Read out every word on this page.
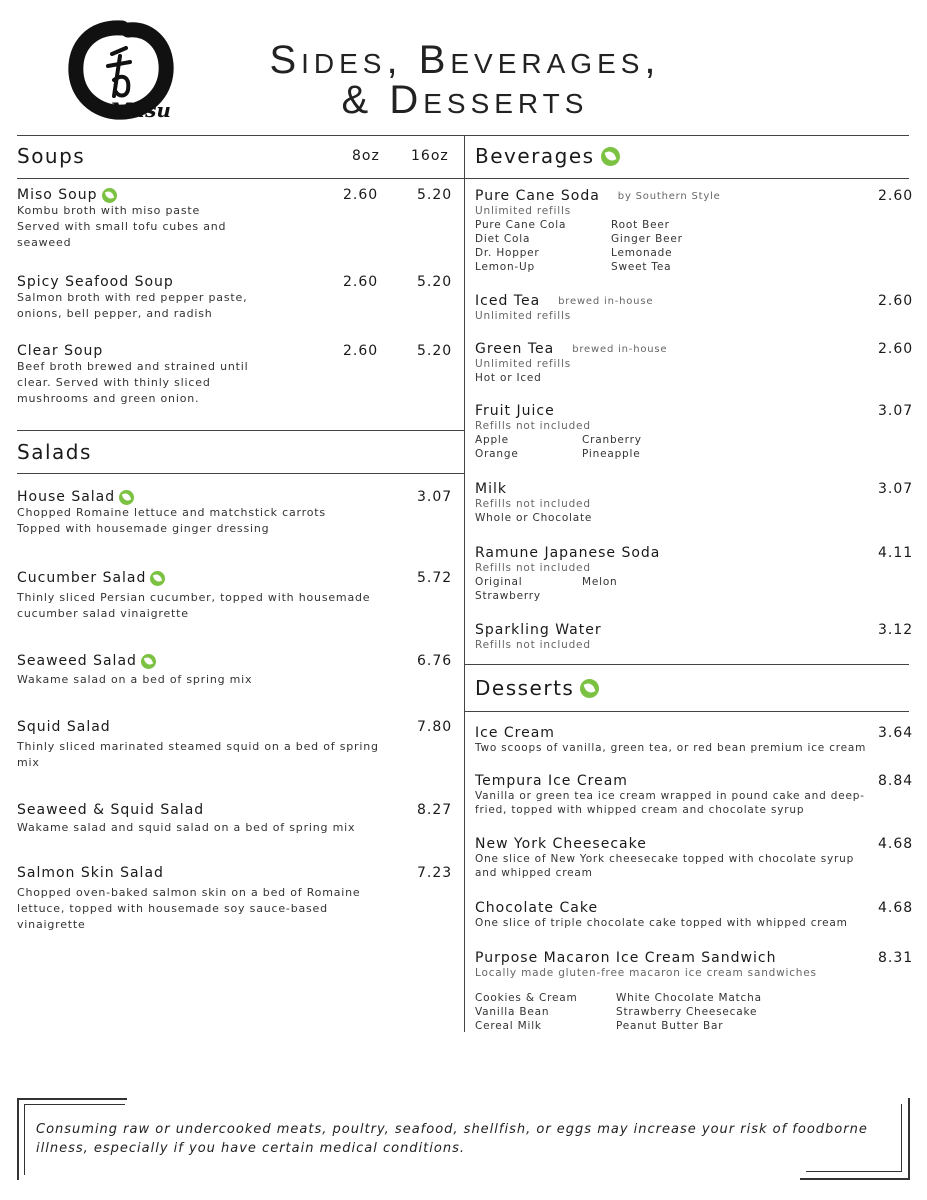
Masu
Sides, Beverages,
& Desserts
Soups	8oz 16oz
Miso Soup
Kombu broth with miso paste
Served with small tofu cubes and
seaweed
2.60	5.20
Spicy Seafood Soup
Salmon broth with red pepper paste,
onions, bell pepper, and radish
2.60	5.20
Clear Soup
Beef broth brewed and strained until
clear. Served with thinly sliced
mushrooms and green onion.
2.60	5.20
Salads
House Salad
Chopped Romaine lettuce and matchstick carrots
Topped with housemade ginger dressing
3.07
Cucumber Salad
Thinly sliced Persian cucumber, topped with housemade
cucumber salad vinaigrette
5.72
Seaweed Salad
Wakame salad on a bed of spring mix
6.76
Squid Salad
Thinly sliced marinated steamed squid on a bed of spring
mix
7.80
Seaweed & Squid Salad
Wakame salad and squid salad on a bed of spring mix
8.27
Salmon Skin Salad
Chopped oven-baked salmon skin on a bed of Romaine
lettuce, topped with housemade soy sauce-based
vinaigrette
7.23
Beverages
Pure Cane Soda by Southern Style
Unlimited refills
Pure Cane Cola
Diet Cola
Dr. Hopper
Lemon-Up
Root Beer
Ginger Beer
Lemonade
Sweet Tea
2.60
Iced Tea brewed in-house
Unlimited refills
2.60
Green Tea brewed in-house
Unlimited refills
Hot or Iced
2.60
Fruit Juice
Refills not included
Apple
Orange
Cranberry
Pineapple
3.07
Milk
Refills not included
Whole or Chocolate
3.07
Ramune Japanese Soda
Refills not included
Original
Strawberry
Melon
4.11
Sparkling Water
Refills not included
3.12
Desserts
Ice Cream
Two scoops of vanilla, green tea, or red bean premium ice cream
3.64
Tempura Ice Cream
Vanilla or green tea ice cream wrapped in pound cake and deep-
fried, topped with whipped cream and chocolate syrup
8.84
New York Cheesecake
One slice of New York cheesecake topped with chocolate syrup
and whipped cream
4.68
Chocolate Cake
One slice of triple chocolate cake topped with whipped cream
4.68
Purpose Macaron Ice Cream Sandwich
Locally made gluten-free macaron ice cream sandwiches
Cookies & Cream
Vanilla Bean
Cereal Milk
White Chocolate Matcha
Strawberry Cheesecake
Peanut Butter Bar
8.31
Consuming raw or undercooked meats, poultry, seafood, shellfish, or eggs may increase your risk of foodborne illness, especially if you have certain medical conditions.
